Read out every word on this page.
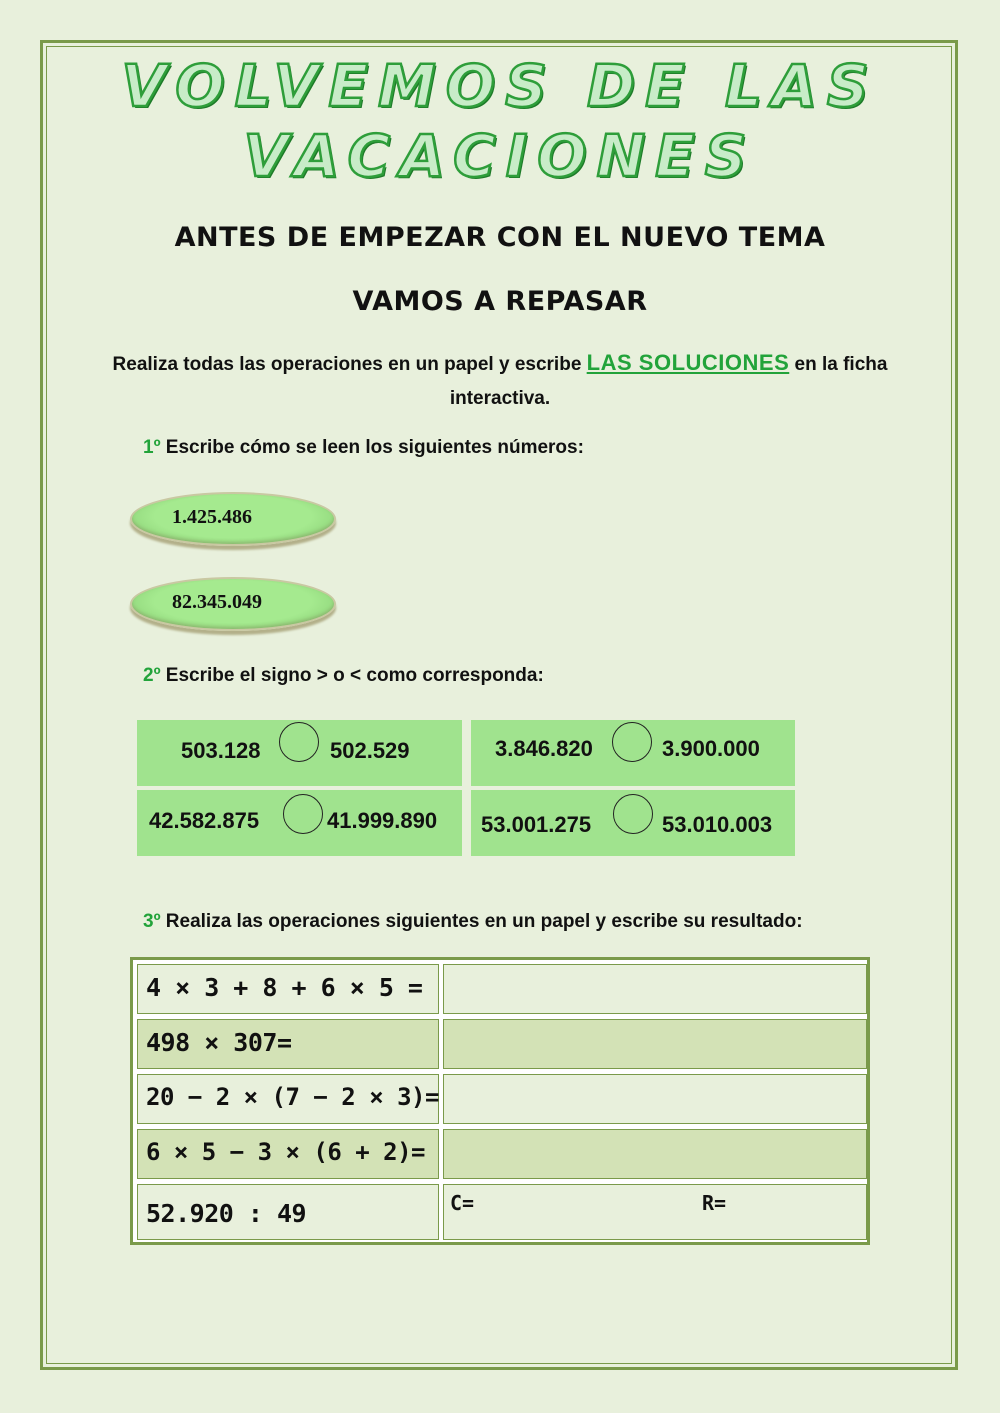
VOLVEMOS DE LAS
VACACIONES
ANTES DE EMPEZAR CON EL NUEVO TEMA
VAMOS A REPASAR
Realiza todas las operaciones en un papel y escribe LAS SOLUCIONES en la ficha interactiva.
1º Escribe cómo se leen los siguientes números:
1.425.486
82.345.049
2º Escribe el signo > o < como corresponda:
503.128	502.529	3.846.820	3.900.000
42.582.875	41.999.890 53.001.275	53.010.003
3º Realiza las operaciones siguientes en un papel y escribe su resultado:
4 × 3 + 8 + 6 × 5 =
498 × 307=
20 − 2 × (7 − 2 × 3)=
6 × 5 − 3 × (6 + 2)=
52.920 : 49	C=	R=
